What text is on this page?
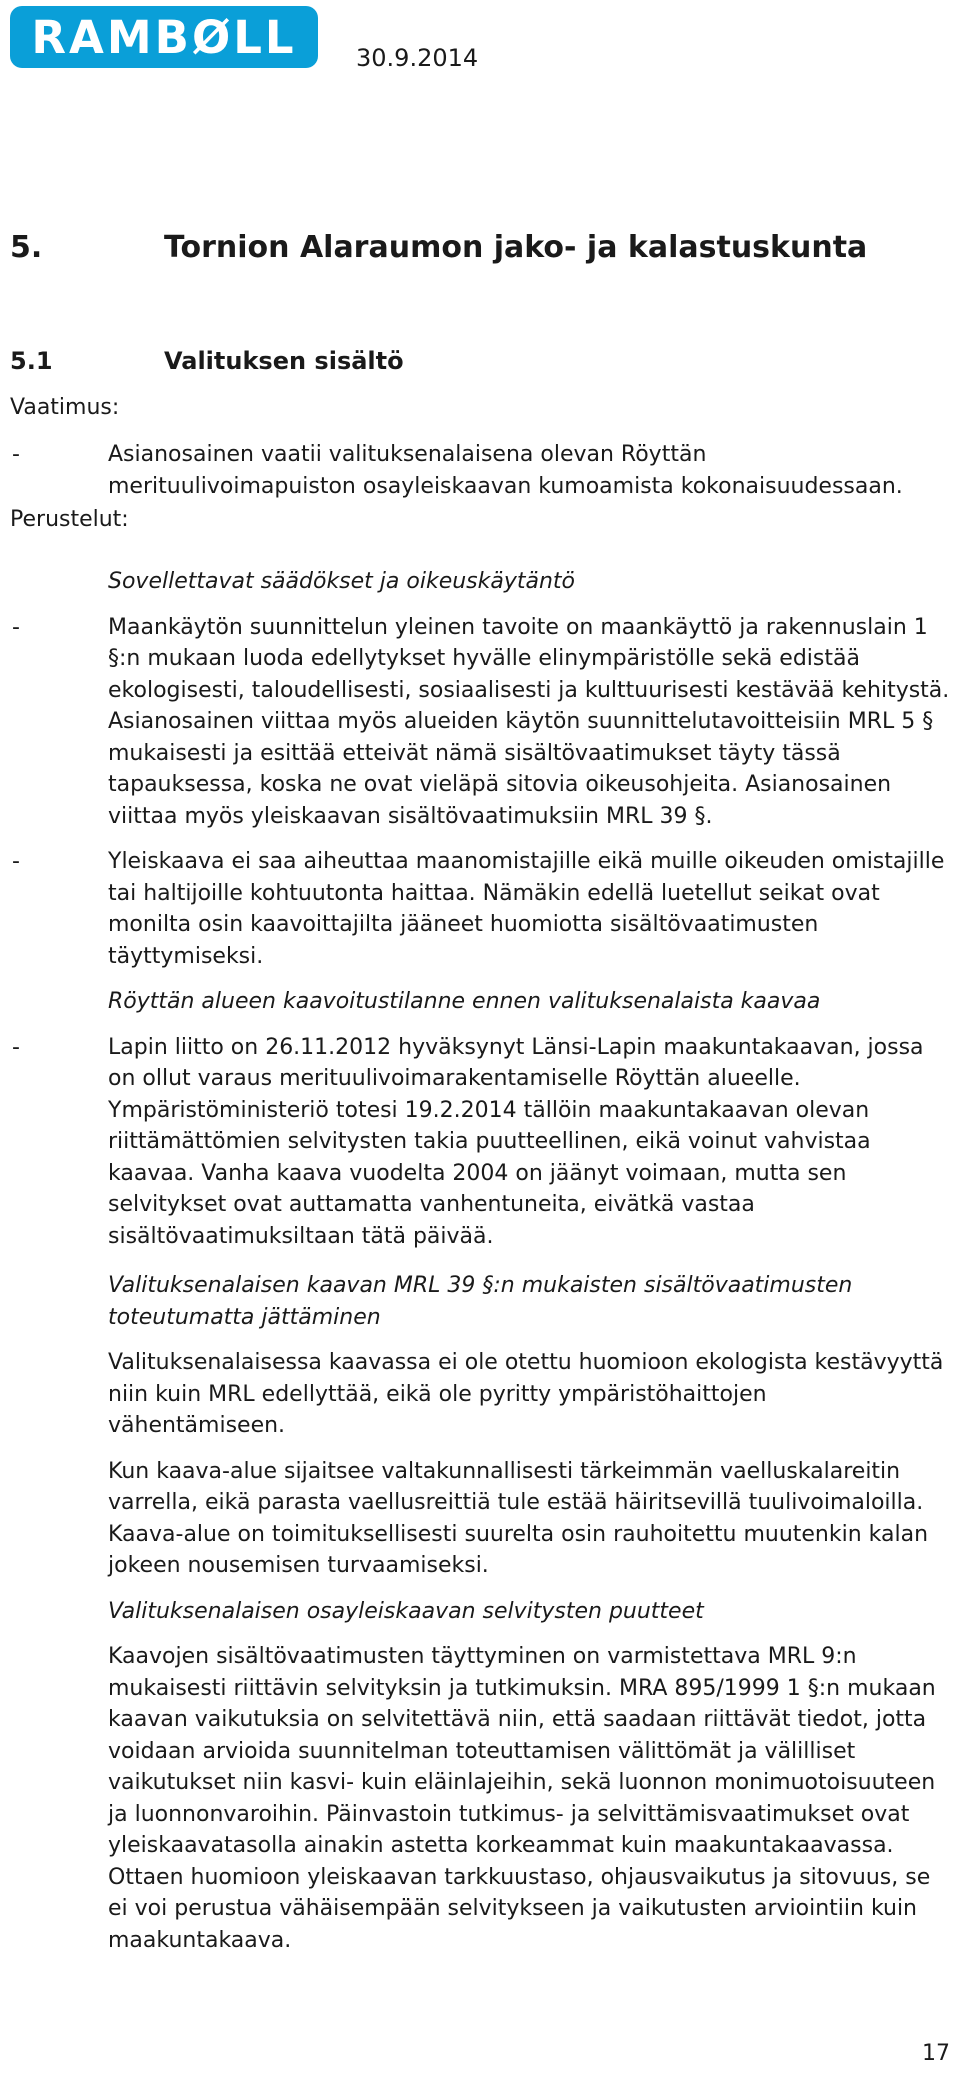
RAMBØLL 30.9.2014
5.	Tornion Alaraumon jako- ja kalastuskunta
5.1	Valituksen sisältö
Vaatimus:
-	Asianosainen vaatii valituksenalaisena olevan Röyttän merituulivoimapuiston osayleiskaavan kumoamista kokonaisuudessaan.

Perustelut:

Sovellettavat säädökset ja oikeuskäytäntö

-	Maankäytön suunnittelun yleinen tavoite on maankäyttö ja rakennuslain 1 §:n mukaan luoda edellytykset hyvälle elinympäristölle sekä edistää ekologisesti, taloudellisesti, sosiaalisesti ja kulttuurisesti kestävää kehitystä. Asianosainen viittaa myös alueiden käytön suunnittelutavoitteisiin MRL 5 § mukaisesti ja esittää etteivät nämä sisältövaatimukset täyty tässä tapauksessa, koska ne ovat vieläpä sitovia oikeusohjeita. Asianosainen viittaa myös yleiskaavan sisältövaatimuksiin MRL 39 §.

-	Yleiskaava ei saa aiheuttaa maanomistajille eikä muille oikeuden omistajille tai haltijoille kohtuutonta haittaa. Nämäkin edellä luetellut seikat ovat monilta osin kaavoittajilta jääneet huomiotta sisältövaatimusten täyttymiseksi.

Röyttän alueen kaavoitustilanne ennen valituksenalaista kaavaa

-	Lapin liitto on 26.11.2012 hyväksynyt Länsi-Lapin maakuntakaavan, jossa on ollut varaus merituulivoimarakentamiselle Röyttän alueelle. Ympäristöministeriö totesi 19.2.2014 tällöin maakuntakaavan olevan riittämättömien selvitysten takia puutteellinen, eikä voinut vahvistaa kaavaa. Vanha kaava vuodelta 2004 on jäänyt voimaan, mutta sen selvitykset ovat auttamatta vanhentuneita, eivätkä vastaa sisältövaatimuksiltaan tätä päivää.

Valituksenalaisen kaavan MRL 39 §:n mukaisten sisältövaatimusten toteutumatta jättäminen

Valituksenalaisessa kaavassa ei ole otettu huomioon ekologista kestävyyttä niin kuin MRL edellyttää, eikä ole pyritty ympäristöhaittojen vähentämiseen.

Kun kaava-alue sijaitsee valtakunnallisesti tärkeimmän vaelluskalareitin varrella, eikä parasta vaellusreittiä tule estää häiritsevillä tuulivoimaloilla. Kaava-alue on toimituksellisesti suurelta osin rauhoitettu muutenkin kalan jokeen nousemisen turvaamiseksi.

Valituksenalaisen osayleiskaavan selvitysten puutteet

Kaavojen sisältövaatimusten täyttyminen on varmistettava MRL 9:n mukaisesti riittävin selvityksin ja tutkimuksin. MRA 895/1999 1 §:n mukaan kaavan vaikutuksia on selvitettävä niin, että saadaan riittävät tiedot, jotta voidaan arvioida suunnitelman toteuttamisen välittömät ja välilliset vaikutukset niin kasvi- kuin eläinlajeihin, sekä luonnon monimuotoisuuteen ja luonnonvaroihin. Päinvastoin tutkimus- ja selvittämisvaatimukset ovat yleiskaavatasolla ainakin astetta korkeammat kuin maakuntakaavassa. Ottaen huomioon yleiskaavan tarkkuustaso, ohjausvaikutus ja sitovuus, se ei voi perustua vähäisempään selvitykseen ja vaikutusten arviointiin kuin maakuntakaava.

17
